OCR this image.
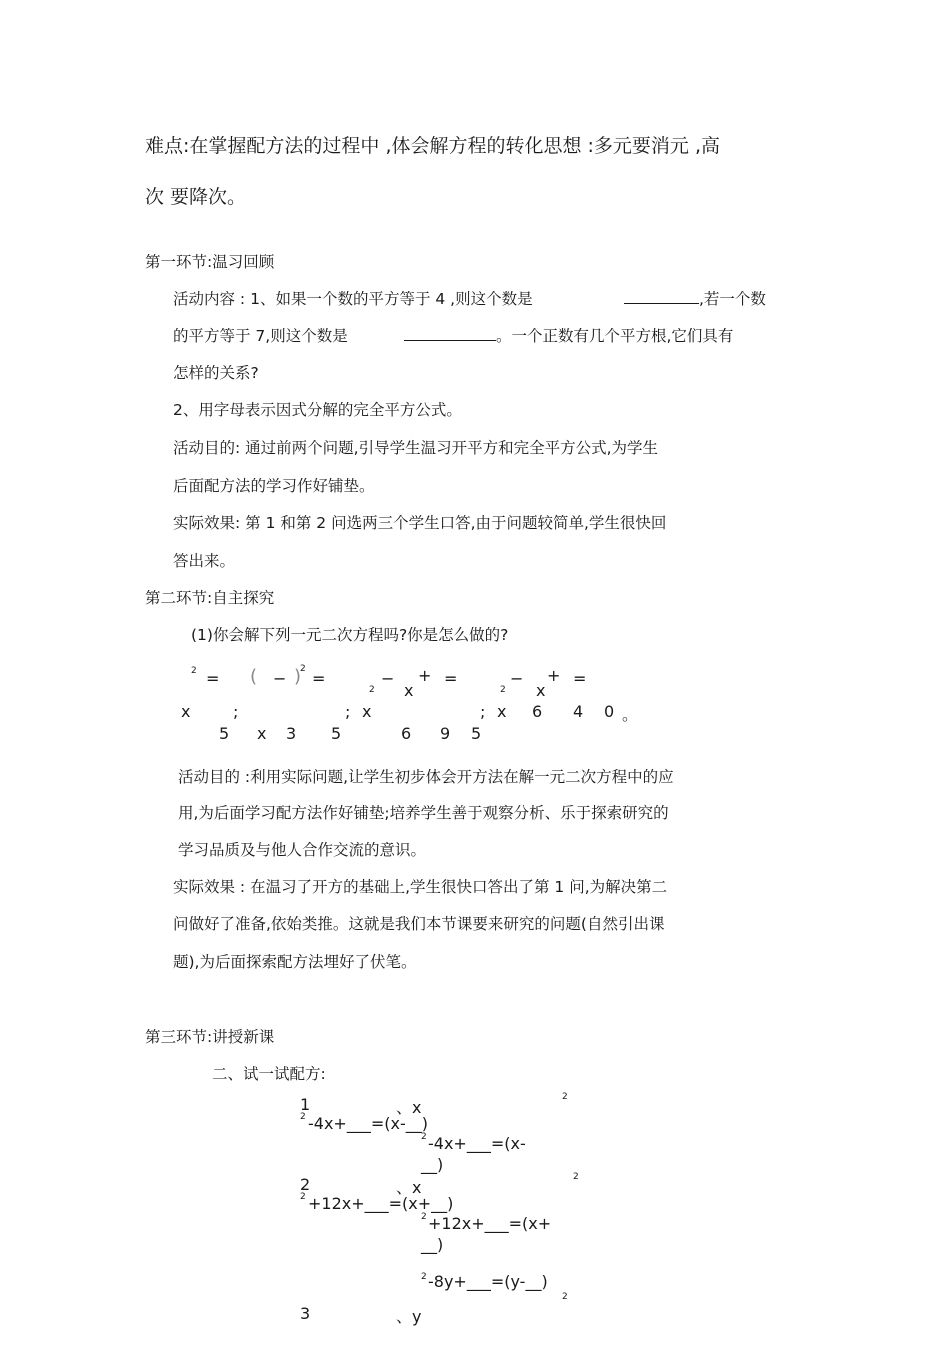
难点:在掌握配方法的过程中 ,体会解方程的转化思想 :多元要消元 ,高
次 要降次。
第一环节:温习回顾
活动内容 : 1、如果一个数的平方等于 4 ,则这个数是	,若一个数
的平方等于 7,则这个数是	。一个正数有几个平方根,它们具有
怎样的关系?
2、用字母表示因式分解的完全平方公式。
活动目的: 通过前两个问题,引导学生温习开平方和完全平方公式,为学生
后面配方法的学习作好铺垫。
实际效果: 第 1 和第 2 问选两三个学生口答,由于问题较简单,学生很快回
答出来。
第二环节:自主探究
(1)你会解下列一元二次方程吗?你是怎么做的?
2 = ( − )
2 =	− + =	− + =
2 x	2 x
x	;	; x	; x 6 4 0 。
5 x 3 5	6 9 5
活动目的 :利用实际问题,让学生初步体会开方法在解一元二次方程中的应
用,为后面学习配方法作好铺垫;培养学生善于观察分析、乐于探索研究的
学习品质及与他人合作交流的意识。
实际效果 : 在温习了开方的基础上,学生很快口答出了第 1 问,为解决第二
问做好了准备,依始类推。这就是我们本节课要来研究的问题(自然引出课
题),为后面探索配方法埋好了伏笔。
第三环节:讲授新课
二、试一试配方:
1	、x
2
2 -4x+___=(x-__)
2 -4x+___=(x-
__)
2	、x
2
2 +12x+___=(x+__)
2 +12x+___=(x+
__)
2 -8y+___=(y-__)
2
3	、y
